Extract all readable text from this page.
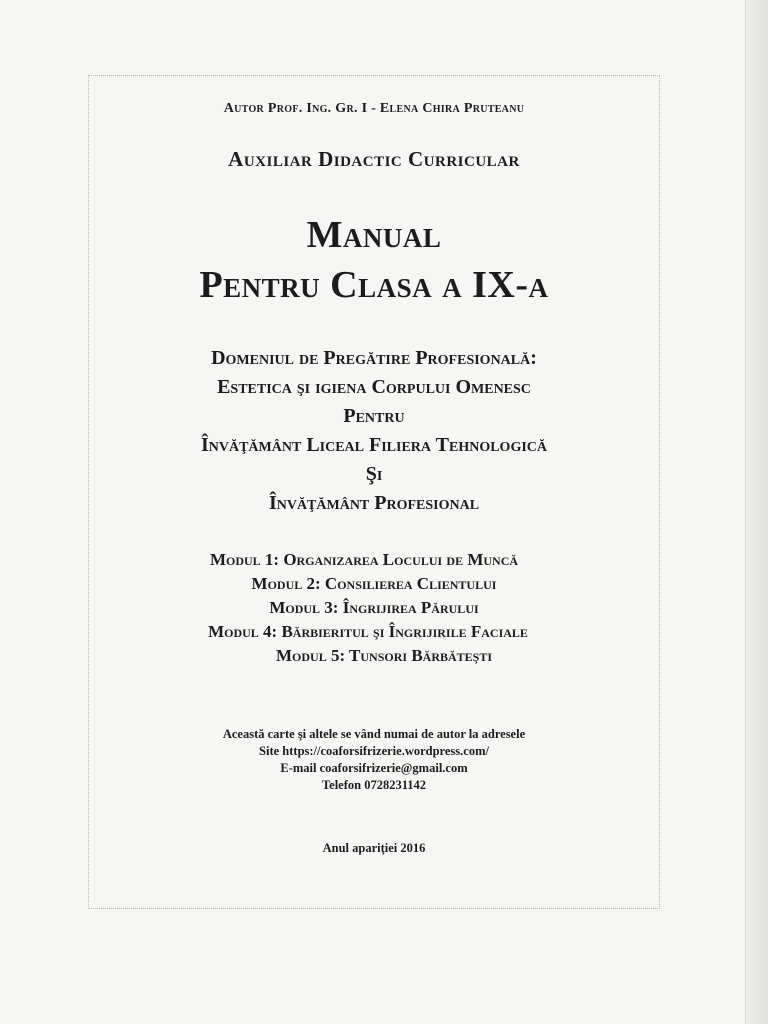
Autor Prof. Ing. Gr. I - Elena Chira Pruteanu
Auxiliar Didactic Curricular
Manual
Pentru Clasa a IX-a
Domeniul de Pregătire Profesională:
Estetica şi igiena Corpului Omenesc
Pentru
Învăţământ Liceal Filiera Tehnologică
Şi
Învăţământ Profesional
Modul 1: Organizarea Locului de Muncă
Modul 2: Consilierea Clientului
Modul 3: Îngrijirea Părului
Modul 4: Bărbieritul şi Îngrijirile Faciale
Modul 5: Tunsori Bărbăteşti
Această carte şi altele se vând numai de autor la adresele
Site https://coaforsifrizerie.wordpress.com/
E-mail coaforsifrizerie@gmail.com
Telefon 0728231142
Anul apariţiei 2016
